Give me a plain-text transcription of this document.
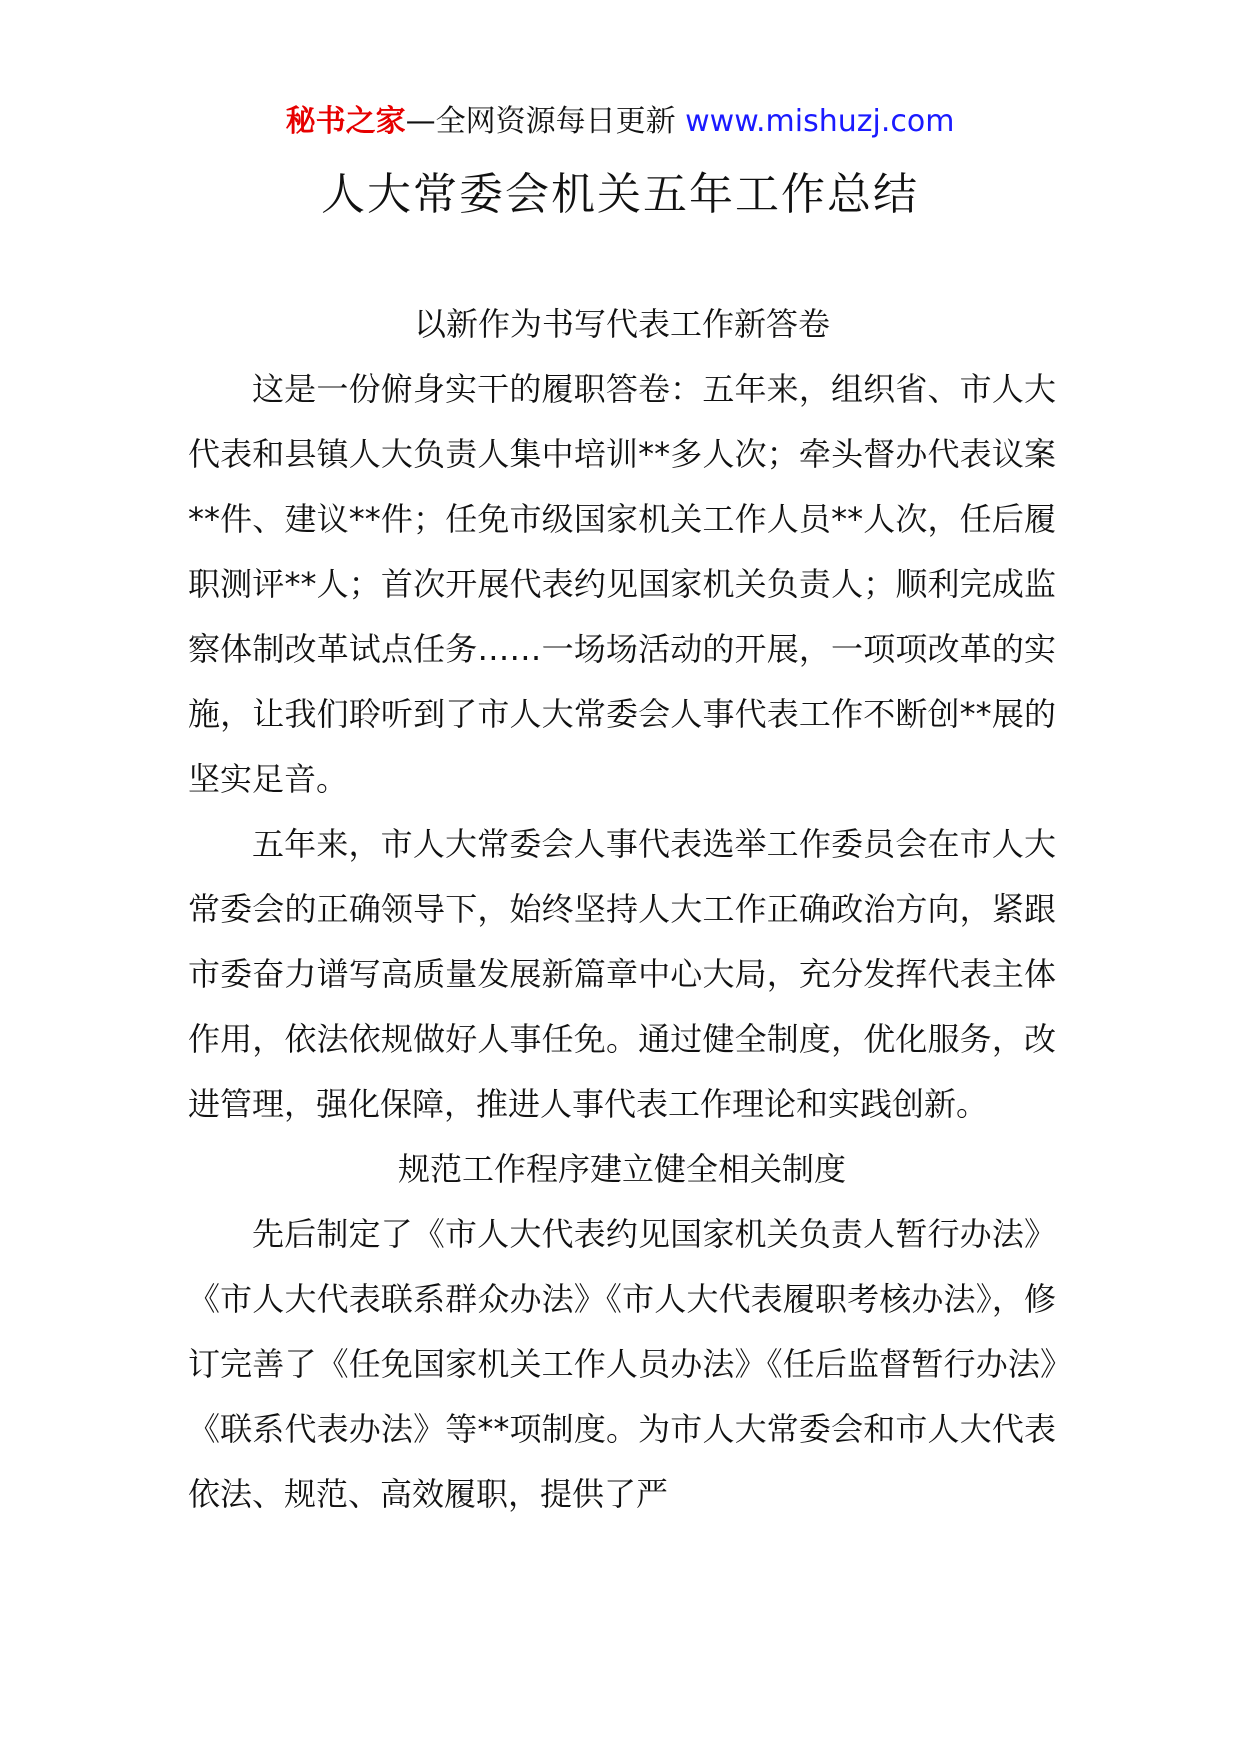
秘书之家—全网资源每日更新 www.mishuzj.com
人大常委会机关五年工作总结
以新作为书写代表工作新答卷

这是一份俯身实干的履职答卷：五年来，组织省、市人大代表和县镇人大负责人集中培训**多人次；牵头督办代表议案**件、建议**件；任免市级国家机关工作人员**人次，任后履职测评**人；首次开展代表约见国家机关负责人；顺利完成监察体制改革试点任务……一场场活动的开展，一项项改革的实施，让我们聆听到了市人大常委会人事代表工作不断创**展的坚实足音。

五年来，市人大常委会人事代表选举工作委员会在市人大常委会的正确领导下，始终坚持人大工作正确政治方向，紧跟市委奋力谱写高质量发展新篇章中心大局，充分发挥代表主体作用，依法依规做好人事任免。通过健全制度，优化服务，改进管理，强化保障，推进人事代表工作理论和实践创新。

规范工作程序建立健全相关制度

先后制定了《市人大代表约见国家机关负责人暂行办法》《市人大代表联系群众办法》《市人大代表履职考核办法》，修订完善了《任免国家机关工作人员办法》《任后监督暂行办法》《联系代表办法》等**项制度。为市人大常委会和市人大代表依法、规范、高效履职，提供了严
